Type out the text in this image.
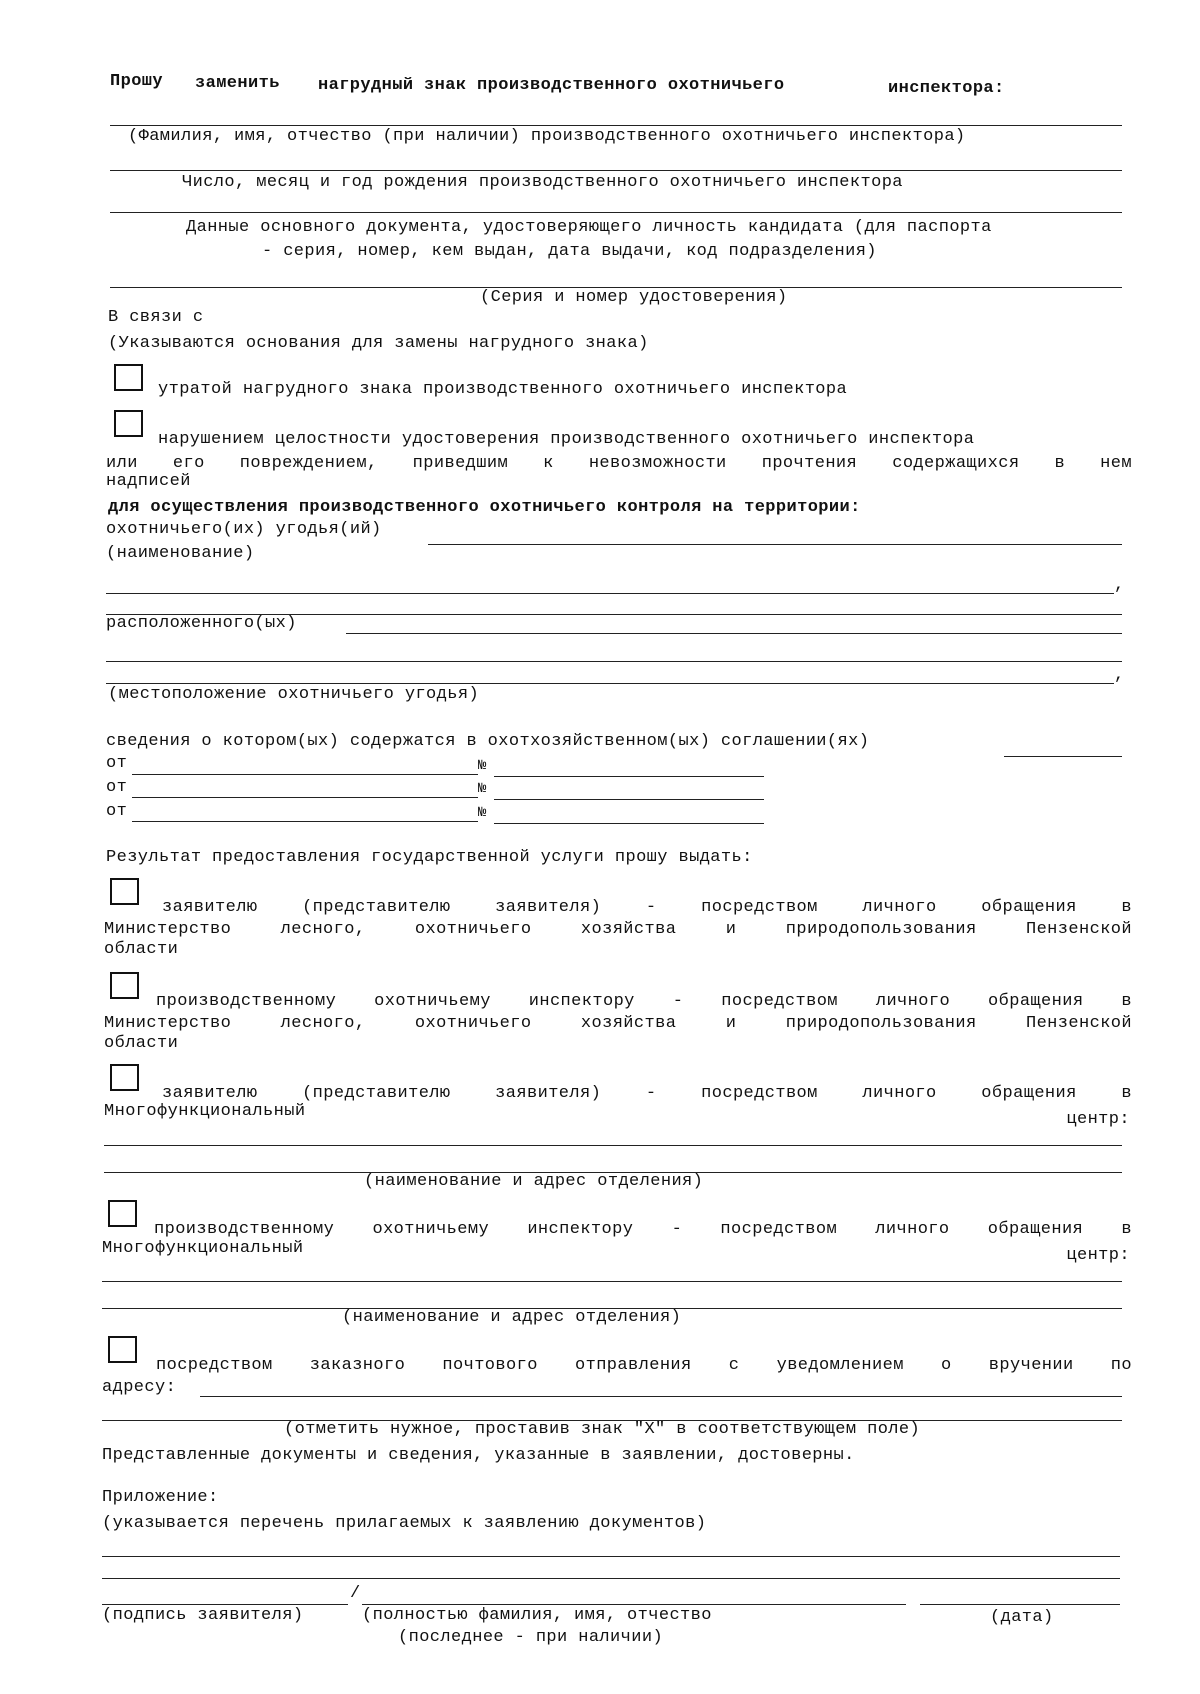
Прошу заменить нагрудный знак производственного охотничьего	инспектора:
(Фамилия, имя, отчество (при наличии) производственного охотничьего инспектора)
Число, месяц и год рождения производственного охотничьего инспектора
Данные основного документа, удостоверяющего личность кандидата (для паспорта
- серия, номер, кем выдан, дата выдачи, код подразделения)
(Серия и номер удостоверения)
В связи с
(Указываются основания для замены нагрудного знака)
утратой нагрудного знака производственного охотничьего инспектора
нарушением целостности удостоверения производственного охотничьего инспектора
или его повреждением, приведшим к невозможности прочтения содержащихся в нем
надписей
для осуществления производственного охотничьего контроля на территории:
охотничьего(их) угодья(ий)
(наименование)
,
расположенного(ых)
,
(местоположение охотничьего угодья)
сведения о котором(ых) содержатся в охотхозяйственном(ых) соглашении(ях)
от	№
от	№
от	№
Результат предоставления государственной услуги прошу выдать:
заявителю (представителю заявителя) - посредством личного обращения в
Министерство лесного, охотничьего хозяйства и природопользования Пензенской
области
производственному охотничьему инспектору - посредством личного обращения в
Министерство лесного, охотничьего хозяйства и природопользования Пензенской
области
заявителю (представителю заявителя) - посредством личного обращения в
Многофункциональный	центр:
(наименование и адрес отделения)
производственному охотничьему инспектору - посредством личного обращения в
Многофункциональный	центр:
(наименование и адрес отделения)
посредством заказного почтового отправления с уведомлением о вручении по
адресу:
(отметить нужное, проставив знак "X" в соответствующем поле)
Представленные документы и сведения, указанные в заявлении, достоверны.
Приложение:
(указывается перечень прилагаемых к заявлению документов)
/
(подпись заявителя)	(полностью фамилия, имя, отчество
(последнее - при наличии)
(дата)
